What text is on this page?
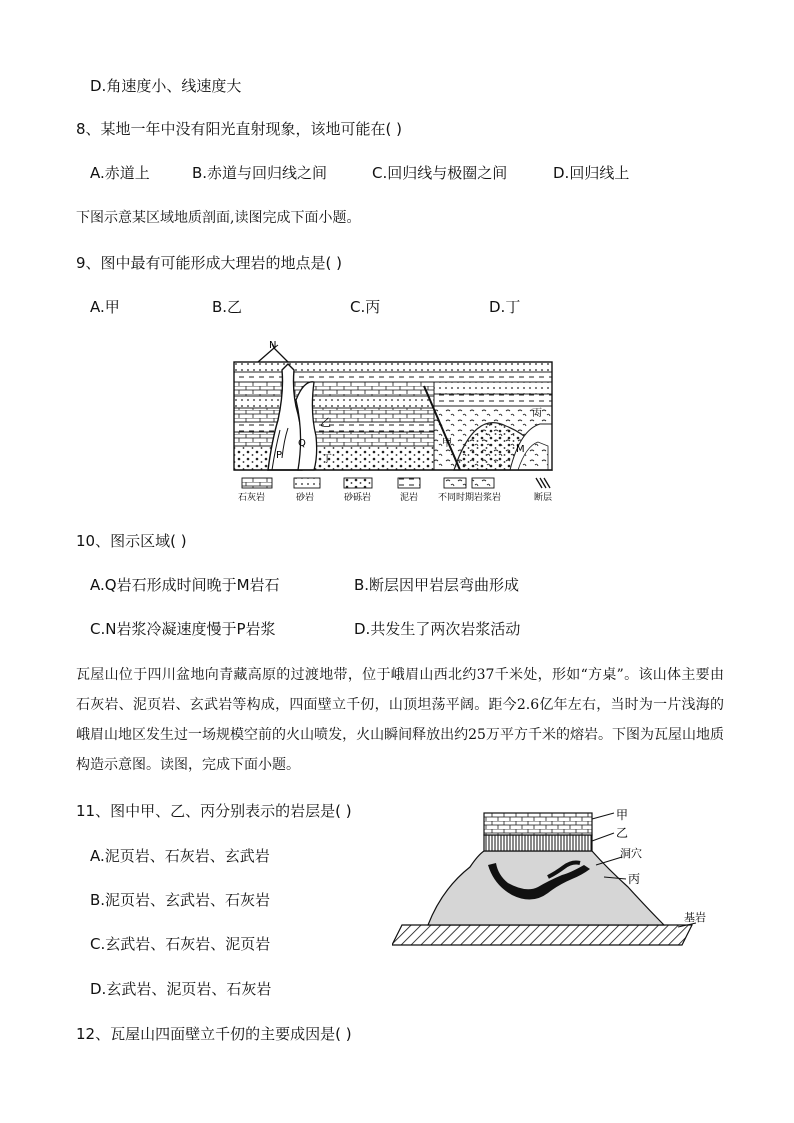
D.角速度小、线速度大
8、某地一年中没有阳光直射现象，该地可能在( )
A.赤道上	B.赤道与回归线之间	C.回归线与极圈之间	D.回归线上
下图示意某区域地质剖面,读图完成下面小题。
9、图中最有可能形成大理岩的地点是( )
A.甲	B.乙	C.丙	D.丁
N
乙
Q
丁
P
甲
丙
M
石灰岩	砂岩	砂砾岩	泥岩 不同时期岩浆岩	断层
10、图示区域( )
A.Q岩石形成时间晚于M岩石	B.断层因甲岩层弯曲形成
C.N岩浆冷凝速度慢于P岩浆	D.共发生了两次岩浆活动
瓦屋山位于四川盆地向青藏高原的过渡地带，位于峨眉山西北约37千米处，形如“方桌”。该山体主要由石灰岩、泥页岩、玄武岩等构成，四面壁立千仞，山顶坦荡平阔。距今2.6亿年左右，当时为一片浅海的峨眉山地区发生过一场规模空前的火山喷发，火山瞬间释放出约25万平方千米的熔岩。下图为瓦屋山地质构造示意图。读图，完成下面小题。
11、图中甲、乙、丙分别表示的岩层是( )
A.泥页岩、石灰岩、玄武岩
B.泥页岩、玄武岩、石灰岩
C.玄武岩、石灰岩、泥页岩
D.玄武岩、泥页岩、石灰岩
甲
乙
洞穴
丙
基岩
12、瓦屋山四面壁立千仞的主要成因是( )
